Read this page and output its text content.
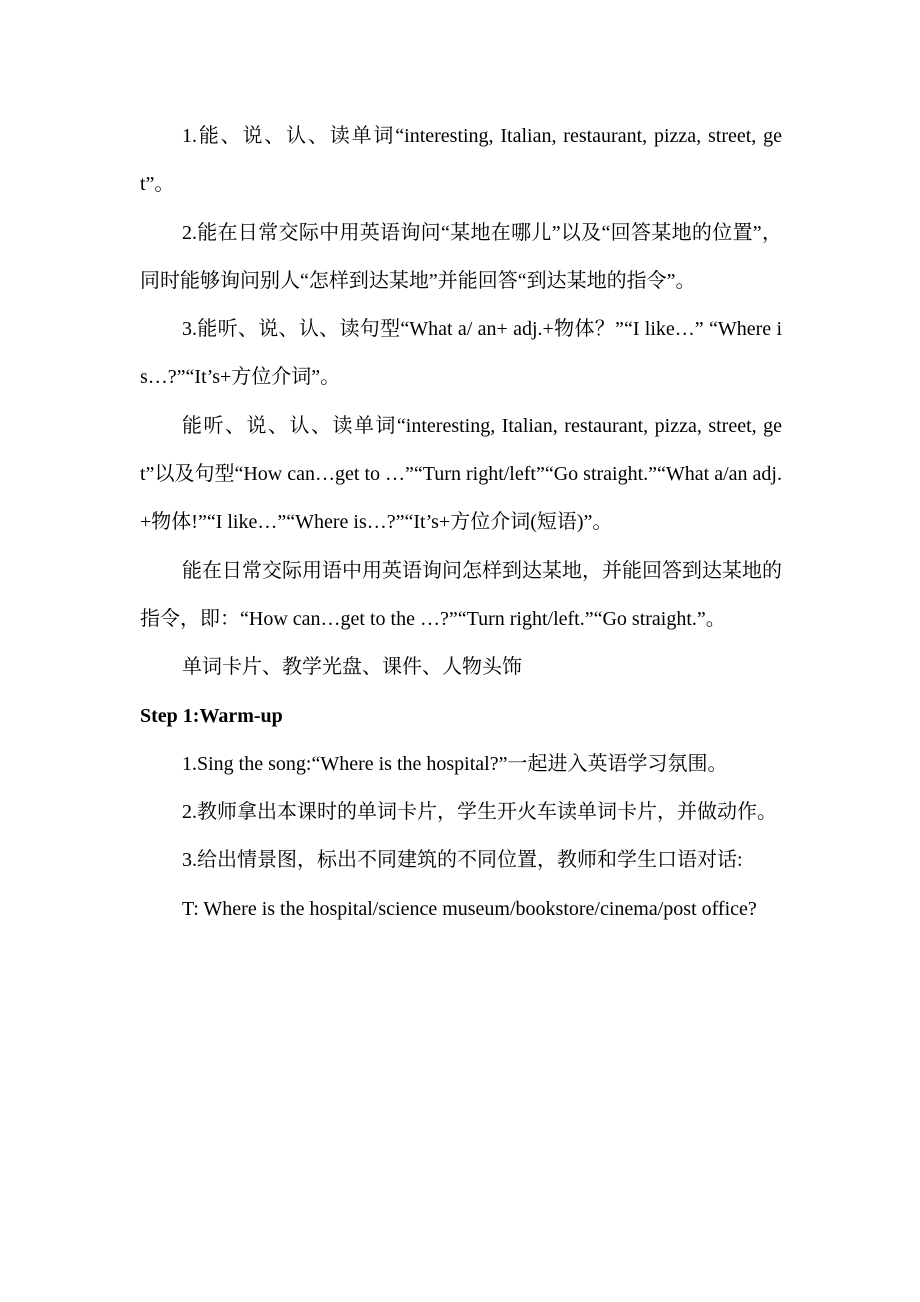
1.能、说、认、读单词“interesting, Italian, restaurant, pizza, street, get”。

2.能在日常交际中用英语询问“某地在哪儿”以及“回答某地的位置”，同时能够询问别人“怎样到达某地”并能回答“到达某地的指令”。

3.能听、说、认、读句型“What a/ an+ adj.+物体？”“I like…” “Where is…?”“It’s+方位介词”。

能听、说、认、读单词“interesting, Italian, restaurant, pizza, street, get”以及句型“How can…get to …”“Turn right/left”“Go straight.”“What a/an adj.+物体!”“I like…”“Where is…?”“It’s+方位介词(短语)”。

能在日常交际用语中用英语询问怎样到达某地，并能回答到达某地的指令，即：“How can…get to the …?”“Turn right/left.”“Go straight.”。

单词卡片、教学光盘、课件、人物头饰

Step 1:Warm-up

1.Sing the song:“Where is the hospital?”一起进入英语学习氛围。

2.教师拿出本课时的单词卡片，学生开火车读单词卡片，并做动作。

3.给出情景图，标出不同建筑的不同位置，教师和学生口语对话:

T: Where is the hospital/science museum/bookstore/cinema/post office?
